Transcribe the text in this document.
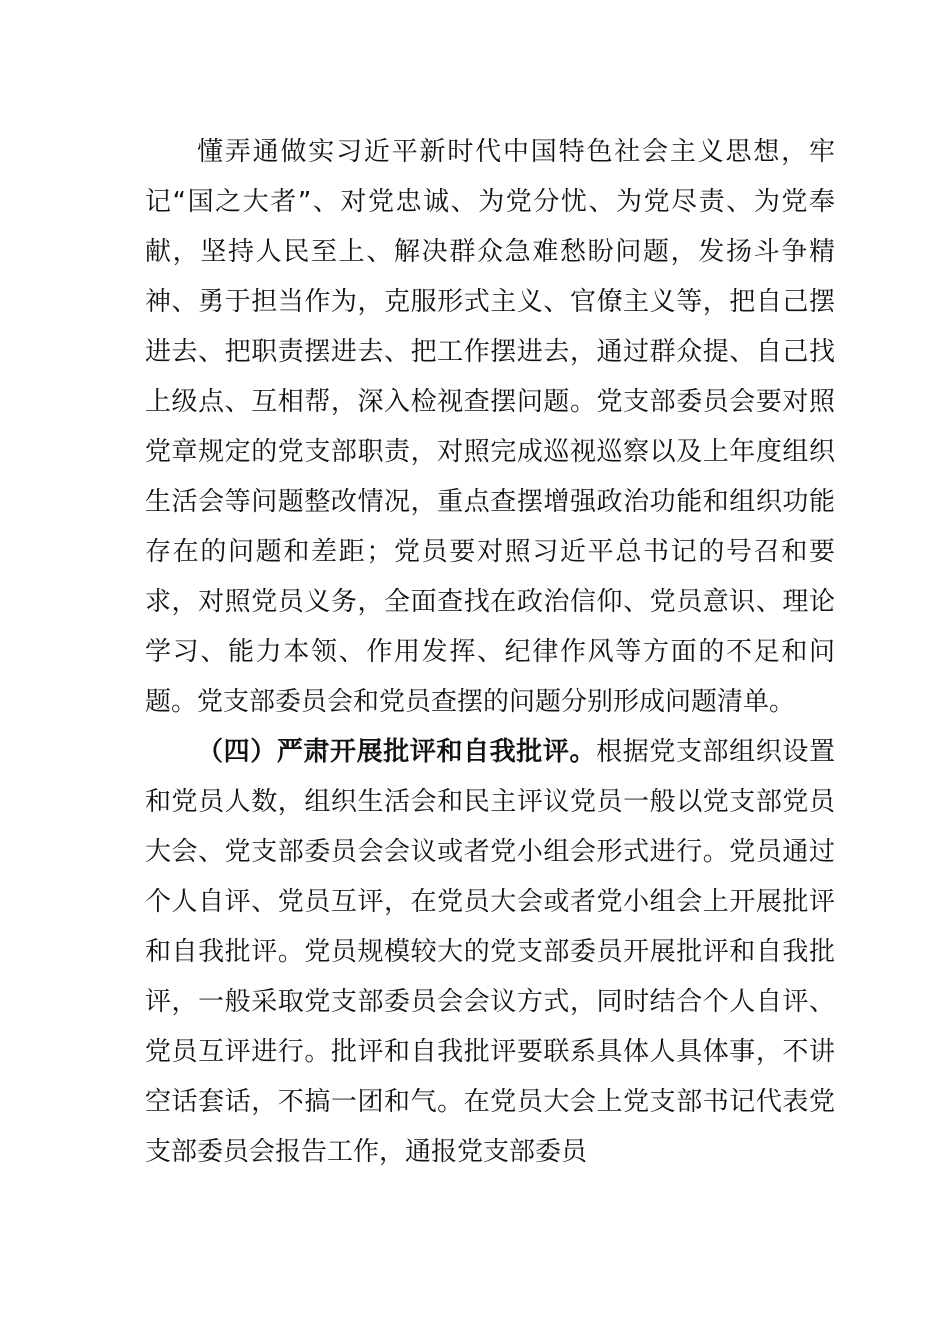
懂弄通做实习近平新时代中国特色社会主义思想，牢记“国之大者”、对党忠诚、为党分忧、为党尽责、为党奉献，坚持人民至上、解决群众急难愁盼问题，发扬斗争精神、勇于担当作为，克服形式主义、官僚主义等，把自己摆进去、把职责摆进去、把工作摆进去，通过群众提、自己找上级点、互相帮，深入检视查摆问题。党支部委员会要对照党章规定的党支部职责，对照完成巡视巡察以及上年度组织生活会等问题整改情况，重点查摆增强政治功能和组织功能存在的问题和差距；党员要对照习近平总书记的号召和要求，对照党员义务，全面查找在政治信仰、党员意识、理论学习、能力本领、作用发挥、纪律作风等方面的不足和问题。党支部委员会和党员查摆的问题分别形成问题清单。

（四）严肃开展批评和自我批评。根据党支部组织设置和党员人数，组织生活会和民主评议党员一般以党支部党员大会、党支部委员会会议或者党小组会形式进行。党员通过个人自评、党员互评，在党员大会或者党小组会上开展批评和自我批评。党员规模较大的党支部委员开展批评和自我批评，一般采取党支部委员会会议方式，同时结合个人自评、党员互评进行。批评和自我批评要联系具体人具体事，不讲空话套话，不搞一团和气。在党员大会上党支部书记代表党支部委员会报告工作，通报党支部委员
